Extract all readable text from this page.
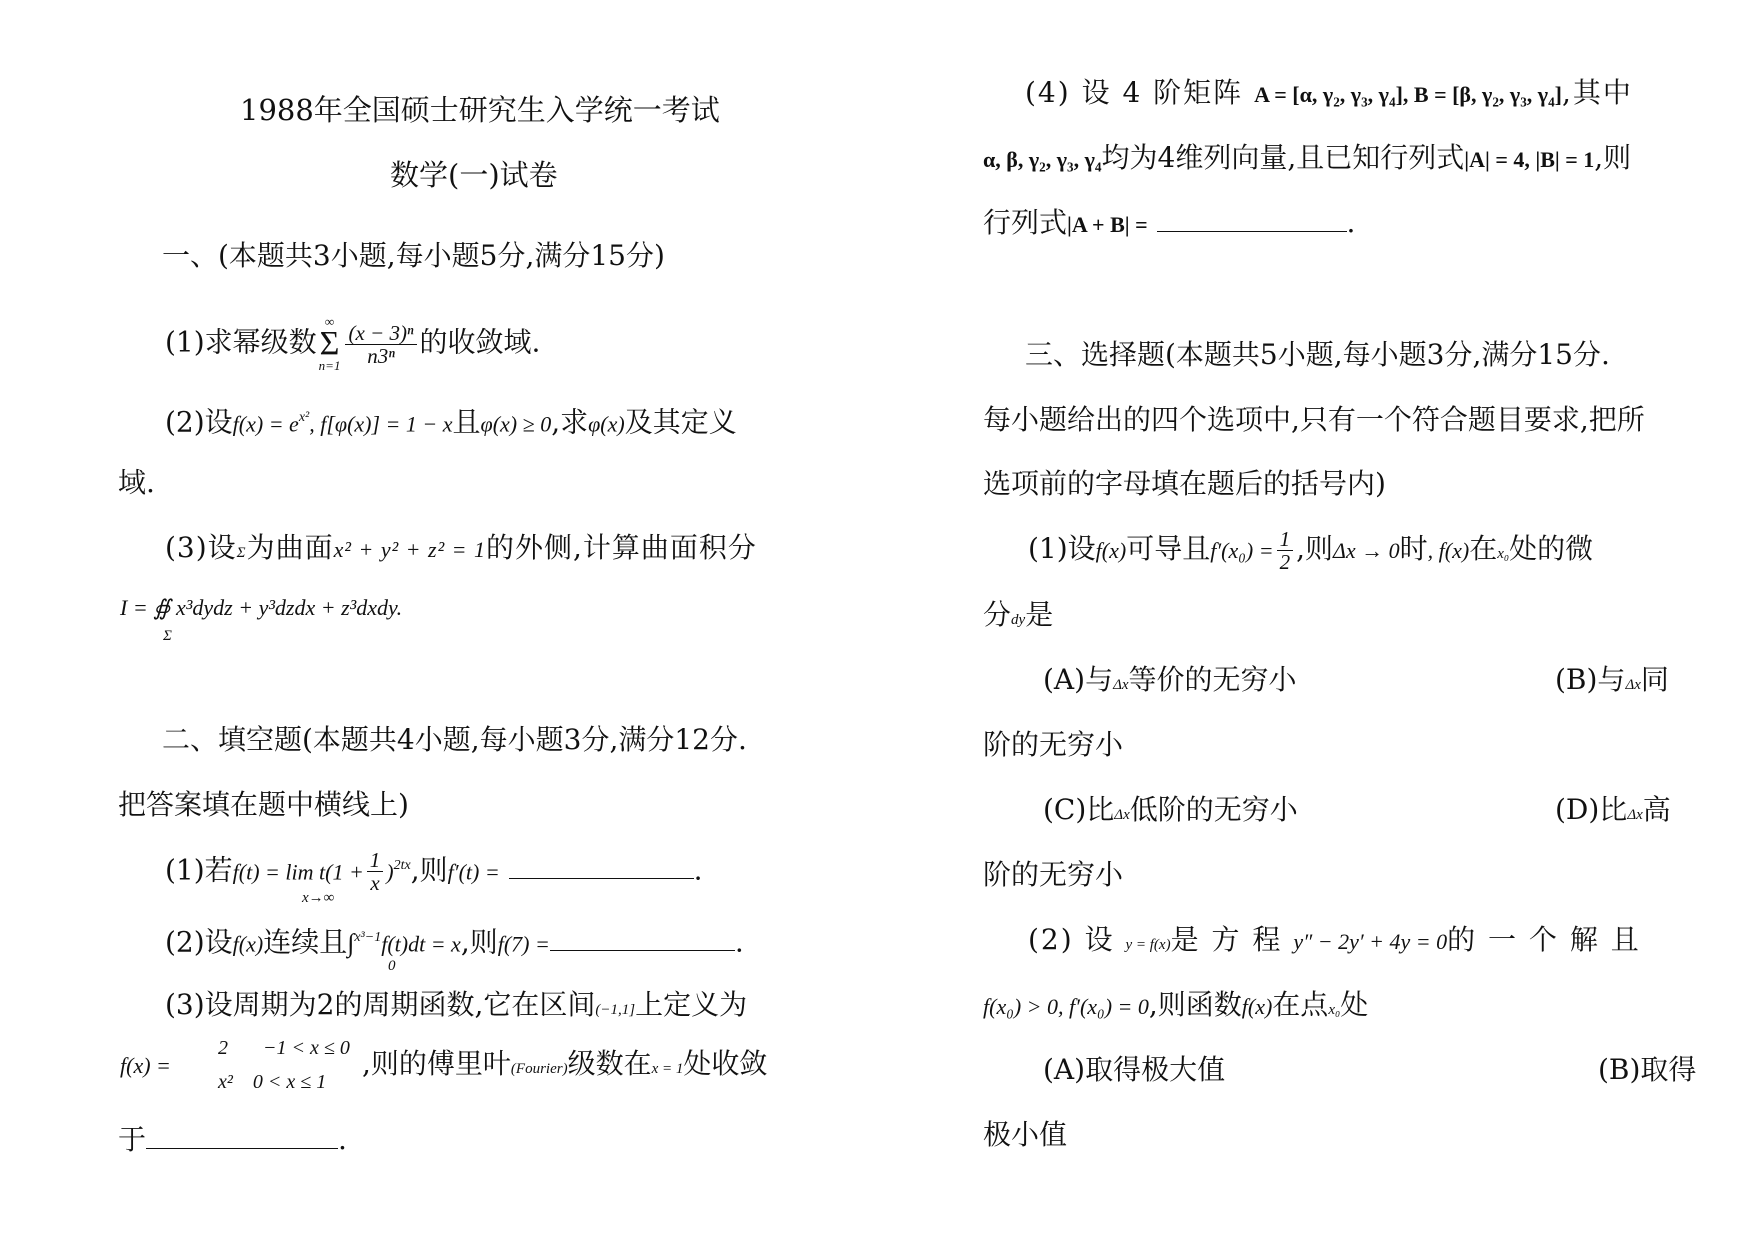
1988年全国硕士研究生入学统一考试
数学(一)试卷
一、(本题共3小题,每小题5分,满分15分)
(1)求幂级数
∞
Σ
$n=1 \frac{\text{(x − 3)ⁿ}}{\text{n3ⁿ}}$ 的收敛域.
(2)设$f(x) = e^{x^2}$, f[φ(x)] = 1 − x且φ(x) ≥ 0,求φ(x)及其定义
域.
(3)设Σ为曲面x² + y² + z² = 1的外侧,计算曲面积分
I = ∯ x³dydz + y³dzdx + z³dxdy.
Σ
二、填空题(本题共4小题,每小题3分,满分12分.
把答案填在题中横线上)
(1)若$f(t) = \lim t(1 + \frac{1}{x} )^{2tx}$,则f′(t) =	.
x→∞
(2)设f(x)连续且∫$^{x^3-1}$f(t)dt = x,则f(7) =	.
0
(3)设周期为2的周期函数,它在区间(−1,1]上定义为
f(x) =
2 −1 < x ≤ 0
x² 0 < x ≤ 1
,则的傅里叶(Fourier)级数在x = 1处收敛
于	.
(4) 设 4 阶矩阵 A = [α, γ₂, γ₃, γ₄], B = [β, γ₂, γ₃, γ₄],其中
α, β, γ₂, γ₃, γ₄均为4维列向量,且已知行列式|A| = 4, |B| = 1,则
行列式|A + B| =	.
三、选择题(本题共5小题,每小题3分,满分15分.
每小题给出的四个选项中,只有一个符合题目要求,把所
选项前的字母填在题后的括号内)
(1)设f(x)可导且$f'(x_0) = \frac{1}{2}$ ,则Δx → 0时, f(x)在x₀处的微
分dy是
(A)与Δx等价的无穷小	(B)与Δx同
阶的无穷小
(C)比Δx低阶的无穷小	(D)比Δx高
阶的无穷小
(2) 设 y = f(x)是 方 程 y″ − 2y′ + 4y = 0的 一 个 解 且
f(x₀) > 0, f′(x₀) = 0,则函数f(x)在点x₀处
(A)取得极大值	(B)取得
极小值
